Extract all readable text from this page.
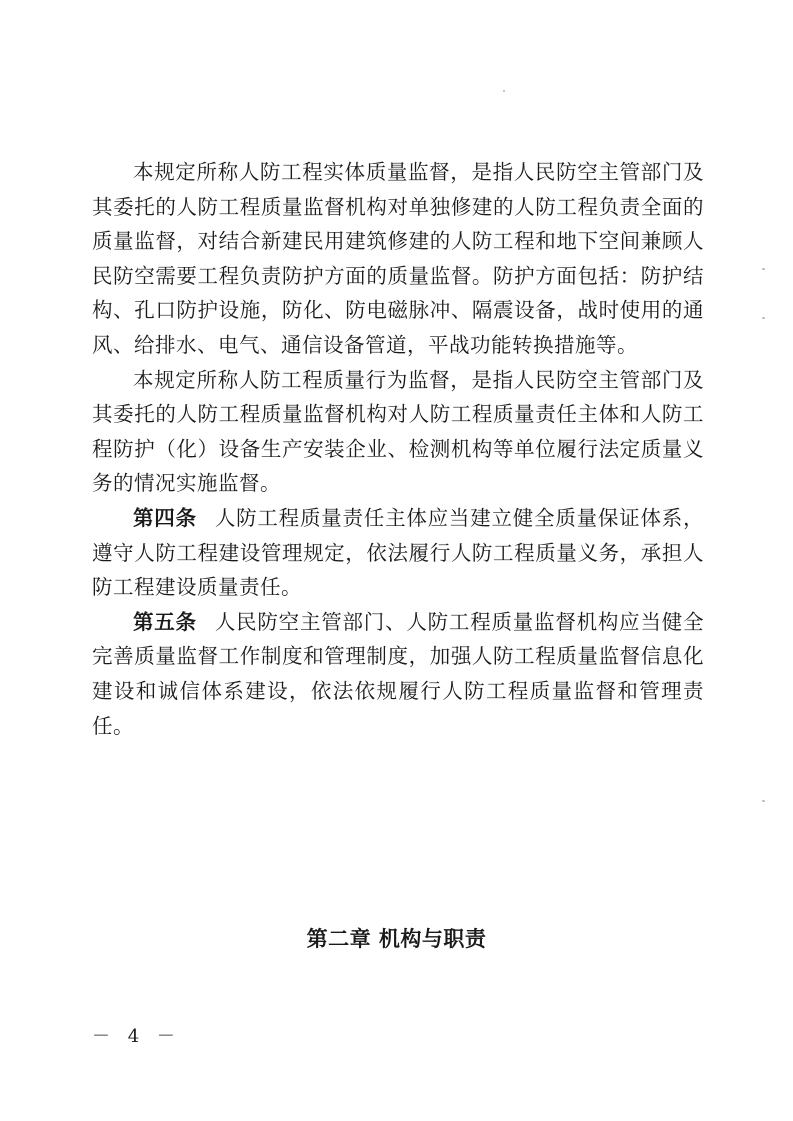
本规定所称人防工程实体质量监督，是指人民防空主管部门及其委托的人防工程质量监督机构对单独修建的人防工程负责全面的质量监督，对结合新建民用建筑修建的人防工程和地下空间兼顾人民防空需要工程负责防护方面的质量监督。防护方面包括：防护结构、孔口防护设施，防化、防电磁脉冲、隔震设备，战时使用的通风、给排水、电气、通信设备管道，平战功能转换措施等。

本规定所称人防工程质量行为监督，是指人民防空主管部门及其委托的人防工程质量监督机构对人防工程质量责任主体和人防工程防护（化）设备生产安装企业、检测机构等单位履行法定质量义务的情况实施监督。

第四条 人防工程质量责任主体应当建立健全质量保证体系，遵守人防工程建设管理规定，依法履行人防工程质量义务，承担人防工程建设质量责任。

第五条 人民防空主管部门、人防工程质量监督机构应当健全完善质量监督工作制度和管理制度，加强人防工程质量监督信息化建设和诚信体系建设，依法依规履行人防工程质量监督和管理责任。

第二章 机构与职责
－ 4 －
